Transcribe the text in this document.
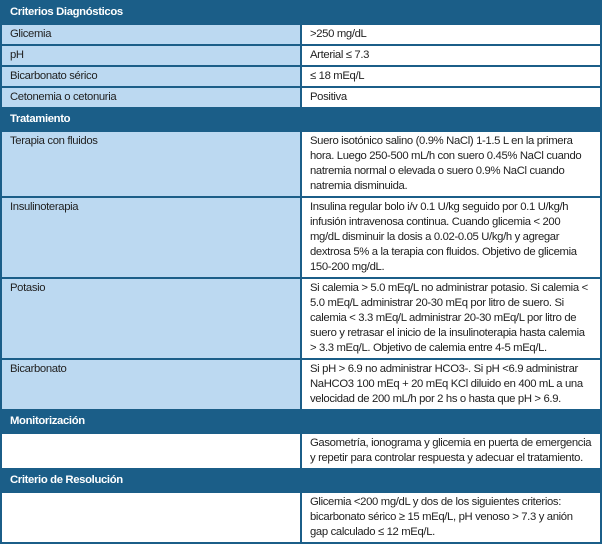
Criterios Diagnósticos	
Glicemia	>250 mg/dL
pH	Arterial ≤ 7.3
Bicarbonato sérico	≤ 18 mEq/L
Cetonemia o cetonuria	Positiva
Tratamiento	
Terapia con fluidos	Suero isotónico salino (0.9% NaCl) 1-1.5 L en la primera hora. Luego 250-500 mL/h con suero 0.45% NaCl cuando natremia normal o elevada o suero 0.9% NaCl cuando natremia disminuida.
Insulinoterapia	Insulina regular bolo i/v 0.1 U/kg seguido por 0.1 U/kg/h infusión intravenosa continua. Cuando glicemia < 200 mg/dL disminuir la dosis a 0.02-0.05 U/kg/h y agregar dextrosa 5% a la terapia con fluidos. Objetivo de glicemia 150-200 mg/dL.
Potasio	Si calemia > 5.0 mEq/L no administrar potasio. Si calemia < 5.0 mEq/L administrar 20-30 mEq por litro de suero. Si calemia < 3.3 mEq/L administrar 20-30 mEq/L por litro de suero y retrasar el inicio de la insulinoterapia hasta calemia > 3.3 mEq/L. Objetivo de calemia entre 4-5 mEq/L.
Bicarbonato	Si pH > 6.9 no administrar HCO3-. Si pH <6.9 administrar NaHCO3 100 mEq + 20 mEq KCl diluido en 400 mL a una velocidad de 200 mL/h por 2 hs o hasta que pH > 6.9.
Monitorización	
	Gasometría, ionograma y glicemia en puerta de emergencia y repetir para controlar respuesta y adecuar el tratamiento.
Criterio de Resolución	
	Glicemia <200 mg/dL y dos de los siguientes criterios: bicarbonato sérico ≥ 15 mEq/L, pH venoso > 7.3 y anión gap calculado ≤ 12 mEq/L.
